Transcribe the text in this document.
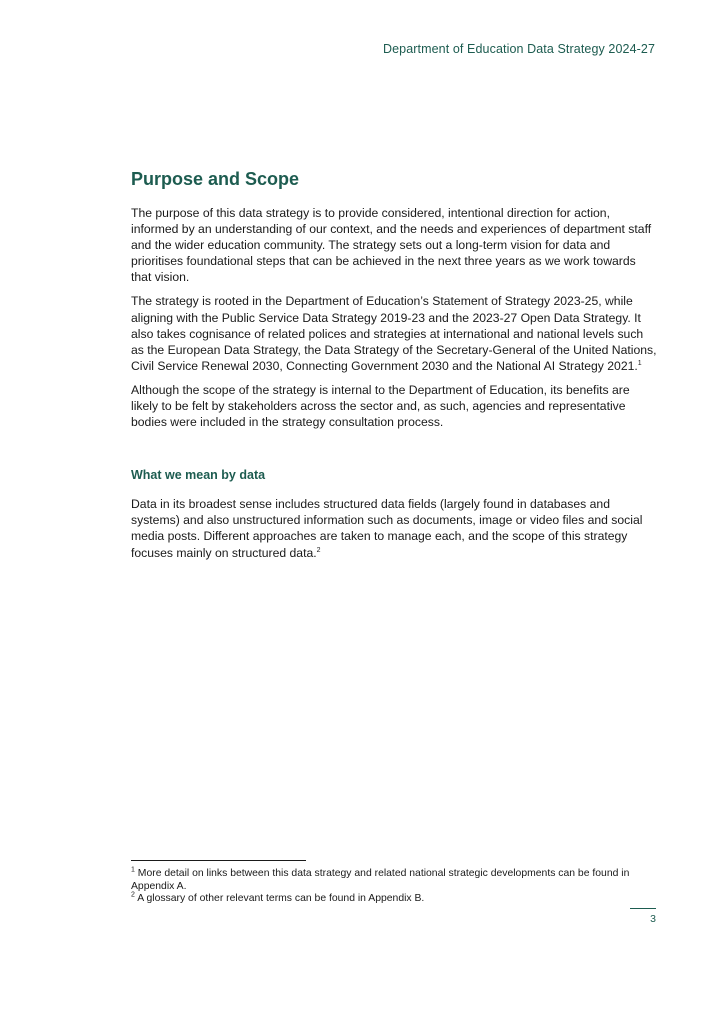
Department of Education Data Strategy 2024-27
Purpose and Scope

The purpose of this data strategy is to provide considered, intentional direction for action, informed by an understanding of our context, and the needs and experiences of department staff and the wider education community. The strategy sets out a long-term vision for data and prioritises foundational steps that can be achieved in the next three years as we work towards that vision.

The strategy is rooted in the Department of Education’s Statement of Strategy 2023-25, while aligning with the Public Service Data Strategy 2019-23 and the 2023-27 Open Data Strategy. It also takes cognisance of related polices and strategies at international and national levels such as the European Data Strategy, the Data Strategy of the Secretary-General of the United Nations, Civil Service Renewal 2030, Connecting Government 2030 and the National AI Strategy 2021.$^1$

Although the scope of the strategy is internal to the Department of Education, its benefits are likely to be felt by stakeholders across the sector and, as such, agencies and representative bodies were included in the strategy consultation process.

What we mean by data

Data in its broadest sense includes structured data fields (largely found in databases and systems) and also unstructured information such as documents, image or video files and social media posts. Different approaches are taken to manage each, and the scope of this strategy focuses mainly on structured data.$^2$

$^1$ More detail on links between this data strategy and related national strategic developments can be found in Appendix A.

$^2$ A glossary of other relevant terms can be found in Appendix B.

3
